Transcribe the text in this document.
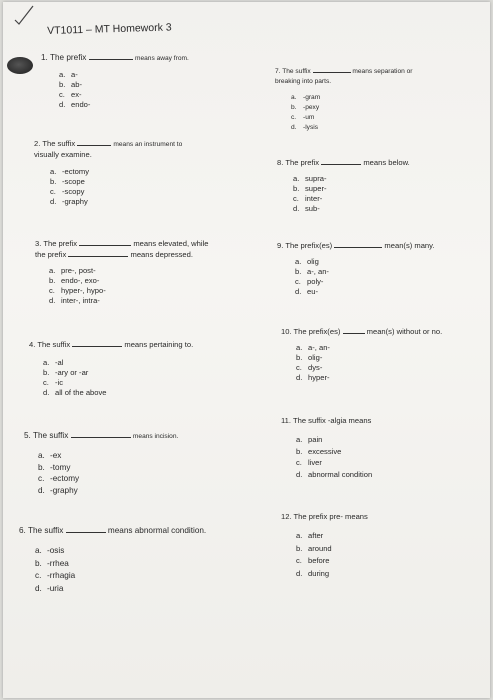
VT1011 – MT Homework 3
1. The prefix	means away from.
a. a-
b. ab-
c. ex-
d. endo-
2. The suffix	means an instrument to
visually examine.
a. -ectomy
b. -scope
c. -scopy
d. -graphy
3. The prefix	means elevated, while
the prefix	means depressed.
a. pre-, post-
b. endo-, exo-
c. hyper-, hypo-
d. inter-, intra-
4. The suffix	means pertaining to.
a. -al
b. -ary or -ar
c. -ic
d. all of the above
5. The suffix	means incision.
a. -ex
b. -tomy
c. -ectomy
d. -graphy
6. The suffix	means abnormal condition.
a. -osis
b. -rrhea
c. -rrhagia
d. -uria
7. The suffix	means separation or
breaking into parts.
a. -gram
b. -pexy
c. -um
d. -lysis
8. The prefix	means below.
a. supra-
b. super-
c. inter-
d. sub-
9. The prefix(es)	mean(s) many.
a. olig
b. a-, an-
c. poly-
d. eu-
10. The prefix(es)	mean(s) without or no.
a. a-, an-
b. olig-
c. dys-
d. hyper-
11. The suffix -algia means
a. pain
b. excessive
c. liver
d. abnormal condition
12. The prefix pre- means
a. after
b. around
c. before
d. during
